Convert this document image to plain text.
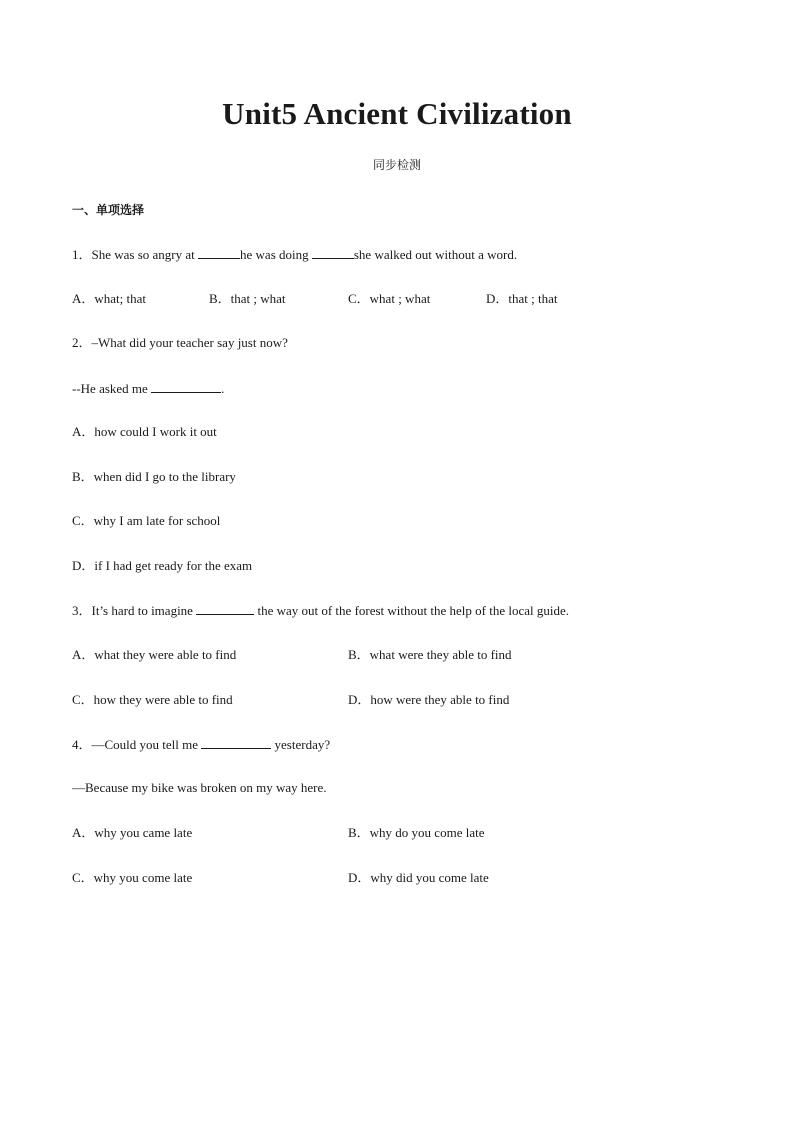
Unit5 Ancient Civilization
同步检测
一、单项选择
1．She was so angry at	he was doing	she walked out without a word.
A．what; that	B．that ; what	C．what ; what	D．that ; that
2．–What did your teacher say just now?
--He asked me	.
A．how could I work it out
B．when did I go to the library
C．why I am late for school
D．if I had get ready for the exam
3．It’s hard to imagine	the way out of the forest without the help of the local guide.
A．what they were able to find	B．what were they able to find
C．how they were able to find	D．how were they able to find
4．—Could you tell me	yesterday?
—Because my bike was broken on my way here.
A．why you came late	B．why do you come late
C．why you come late	D．why did you come late
